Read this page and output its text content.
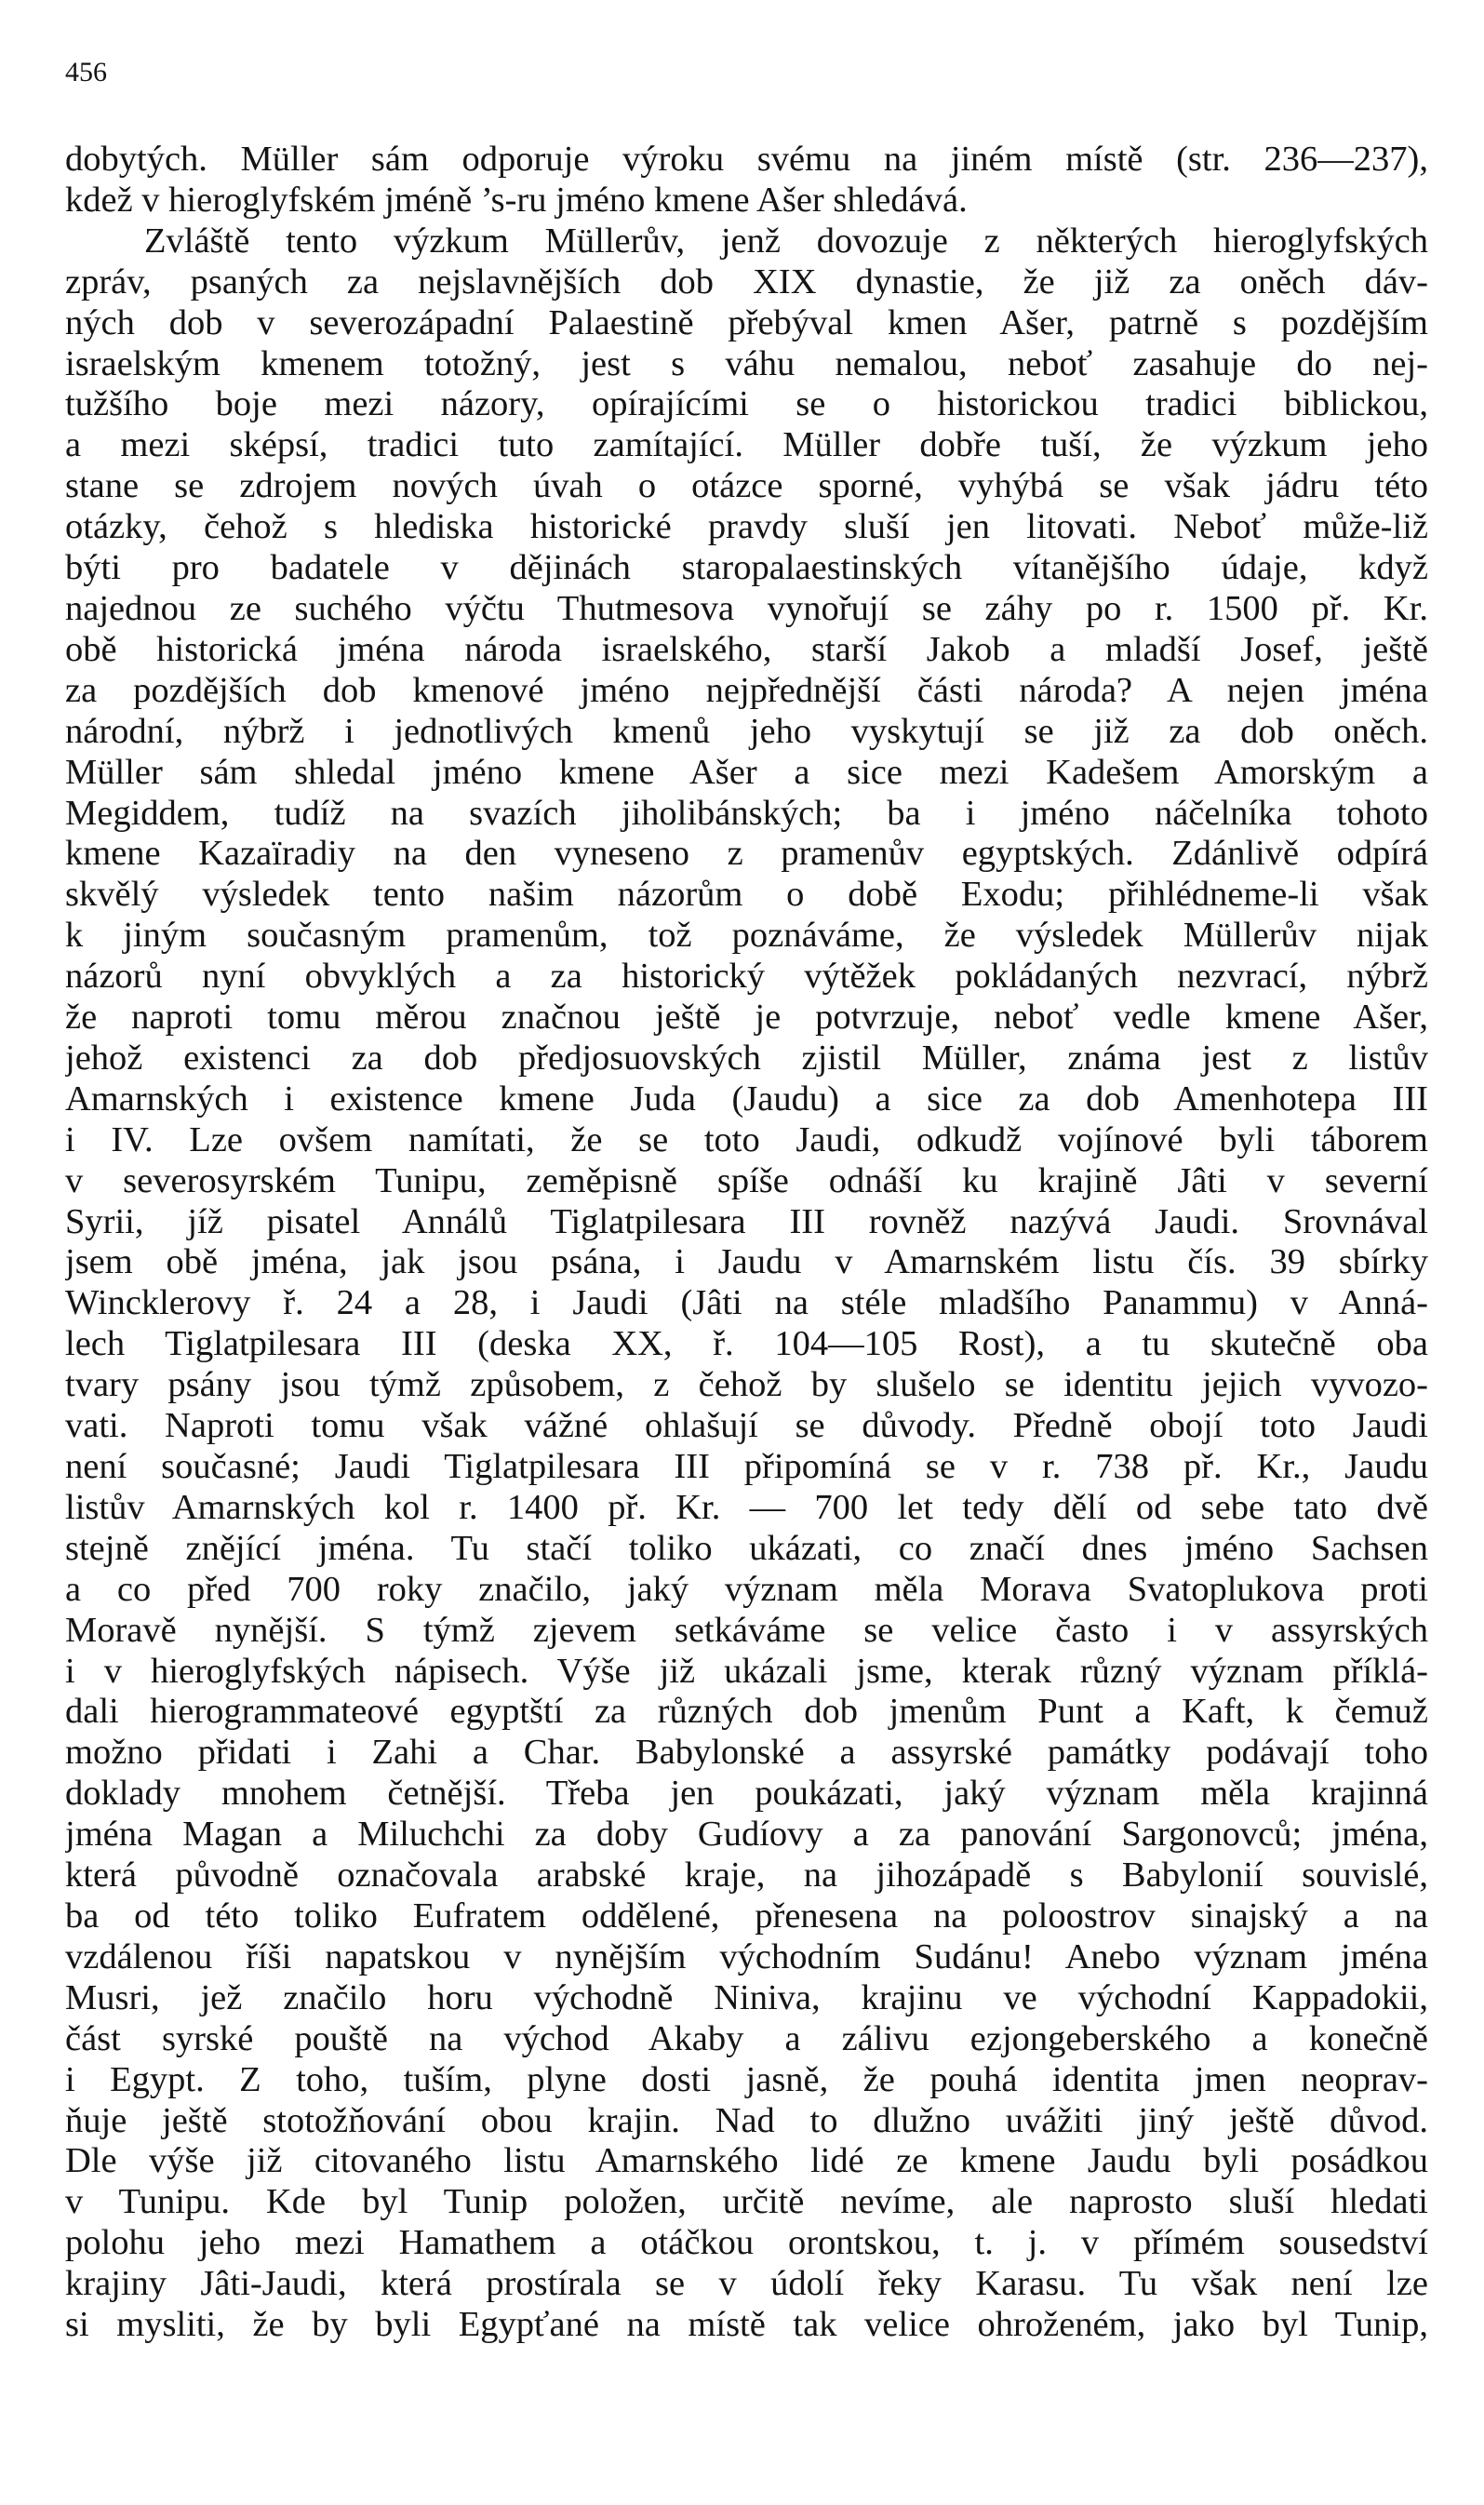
456

dobytých. Müller sám odporuje výroku svému na jiném místě (str. 236—237),
kdež v hieroglyfském jméně ’s-ru jméno kmene Ašer shledává.
Zvláště tento výzkum Müllerův, jenž dovozuje z některých hieroglyfských
zpráv, psaných za nejslavnějších dob XIX dynastie, že již za oněch dáv-
ných dob v severozápadní Palaestině přebýval kmen Ašer, patrně s pozdějším
israelským kmenem totožný, jest s váhu nemalou, neboť zasahuje do nej-
tužšího boje mezi názory, opírajícími se o historickou tradici biblickou,
a mezi sképsí, tradici tuto zamítající. Müller dobře tuší, že výzkum jeho
stane se zdrojem nových úvah o otázce sporné, vyhýbá se však jádru této
otázky, čehož s hlediska historické pravdy sluší jen litovati. Neboť může-liž
býti pro badatele v dějinách staropalaestinských vítanějšího údaje, když
najednou ze suchého výčtu Thutmesova vynořují se záhy po r. 1500 př. Kr.
obě historická jména národa israelského, starší Jakob a mladší Josef, ještě
za pozdějších dob kmenové jméno nejpřednější části národa? A nejen jména
národní, nýbrž i jednotlivých kmenů jeho vyskytují se již za dob oněch.
Müller sám shledal jméno kmene Ašer a sice mezi Kadešem Amorským a
Megiddem, tudíž na svazích jiholibánských; ba i jméno náčelníka tohoto
kmene Kazaïradiy na den vyneseno z pramenův egyptských. Zdánlivě odpírá
skvělý výsledek tento našim názorům o době Exodu; přihlédneme-li však
k jiným současným pramenům, tož poznáváme, že výsledek Müllerův nijak
názorů nyní obvyklých a za historický výtěžek pokládaných nezvrací, nýbrž
že naproti tomu měrou značnou ještě je potvrzuje, neboť vedle kmene Ašer,
jehož existenci za dob předjosuovských zjistil Müller, známa jest z listův
Amarnských i existence kmene Juda (Jaudu) a sice za dob Amenhotepa III
i IV. Lze ovšem namítati, že se toto Jaudi, odkudž vojínové byli táborem
v severosyrském Tunipu, zeměpisně spíše odnáší ku krajině Jâti v severní
Syrii, jíž pisatel Annálů Tiglatpilesara III rovněž nazývá Jaudi. Srovnával
jsem obě jména, jak jsou psána, i Jaudu v Amarnském listu čís. 39 sbírky
Wincklerovy ř. 24 a 28, i Jaudi (Jâti na stéle mladšího Panammu) v Anná-
lech Tiglatpilesara III (deska XX, ř. 104—105 Rost), a tu skutečně oba
tvary psány jsou týmž způsobem, z čehož by slušelo se identitu jejich vyvozo-
vati. Naproti tomu však vážné ohlašují se důvody. Předně obojí toto Jaudi
není současné; Jaudi Tiglatpilesara III připomíná se v r. 738 př. Kr., Jaudu
listův Amarnských kol r. 1400 př. Kr. — 700 let tedy dělí od sebe tato dvě
stejně znějící jména. Tu stačí toliko ukázati, co značí dnes jméno Sachsen
a co před 700 roky značilo, jaký význam měla Morava Svatoplukova proti
Moravě nynější. S týmž zjevem setkáváme se velice často i v assyrských
i v hieroglyfských nápisech. Výše již ukázali jsme, kterak různý význam příklá-
dali hierogrammateové egyptští za různých dob jmenům Punt a Kaft, k čemuž
možno přidati i Zahi a Char. Babylonské a assyrské památky podávají toho
doklady mnohem četnější. Třeba jen poukázati, jaký význam měla krajinná
jména Magan a Miluchchi za doby Gudíovy a za panování Sargonovců; jména,
která původně označovala arabské kraje, na jihozápadě s Babylonií souvislé,
ba od této toliko Eufratem oddělené, přenesena na poloostrov sinajský a na
vzdálenou říši napatskou v nynějším východním Sudánu! Anebo význam jména
Musri, jež značilo horu východně Niniva, krajinu ve východní Kappadokii,
část syrské pouště na východ Akaby a zálivu ezjongeberského a konečně
i Egypt. Z toho, tuším, plyne dosti jasně, že pouhá identita jmen neoprav-
ňuje ještě stotožňování obou krajin. Nad to dlužno uvážiti jiný ještě důvod.
Dle výše již citovaného listu Amarnského lidé ze kmene Jaudu byli posádkou
v Tunipu. Kde byl Tunip položen, určitě nevíme, ale naprosto sluší hledati
polohu jeho mezi Hamathem a otáčkou orontskou, t. j. v přímém sousedství
krajiny Jâti-Jaudi, která prostírala se v údolí řeky Karasu. Tu však není lze
si mysliti, že by byli Egypťané na místě tak velice ohroženém, jako byl Tunip,
